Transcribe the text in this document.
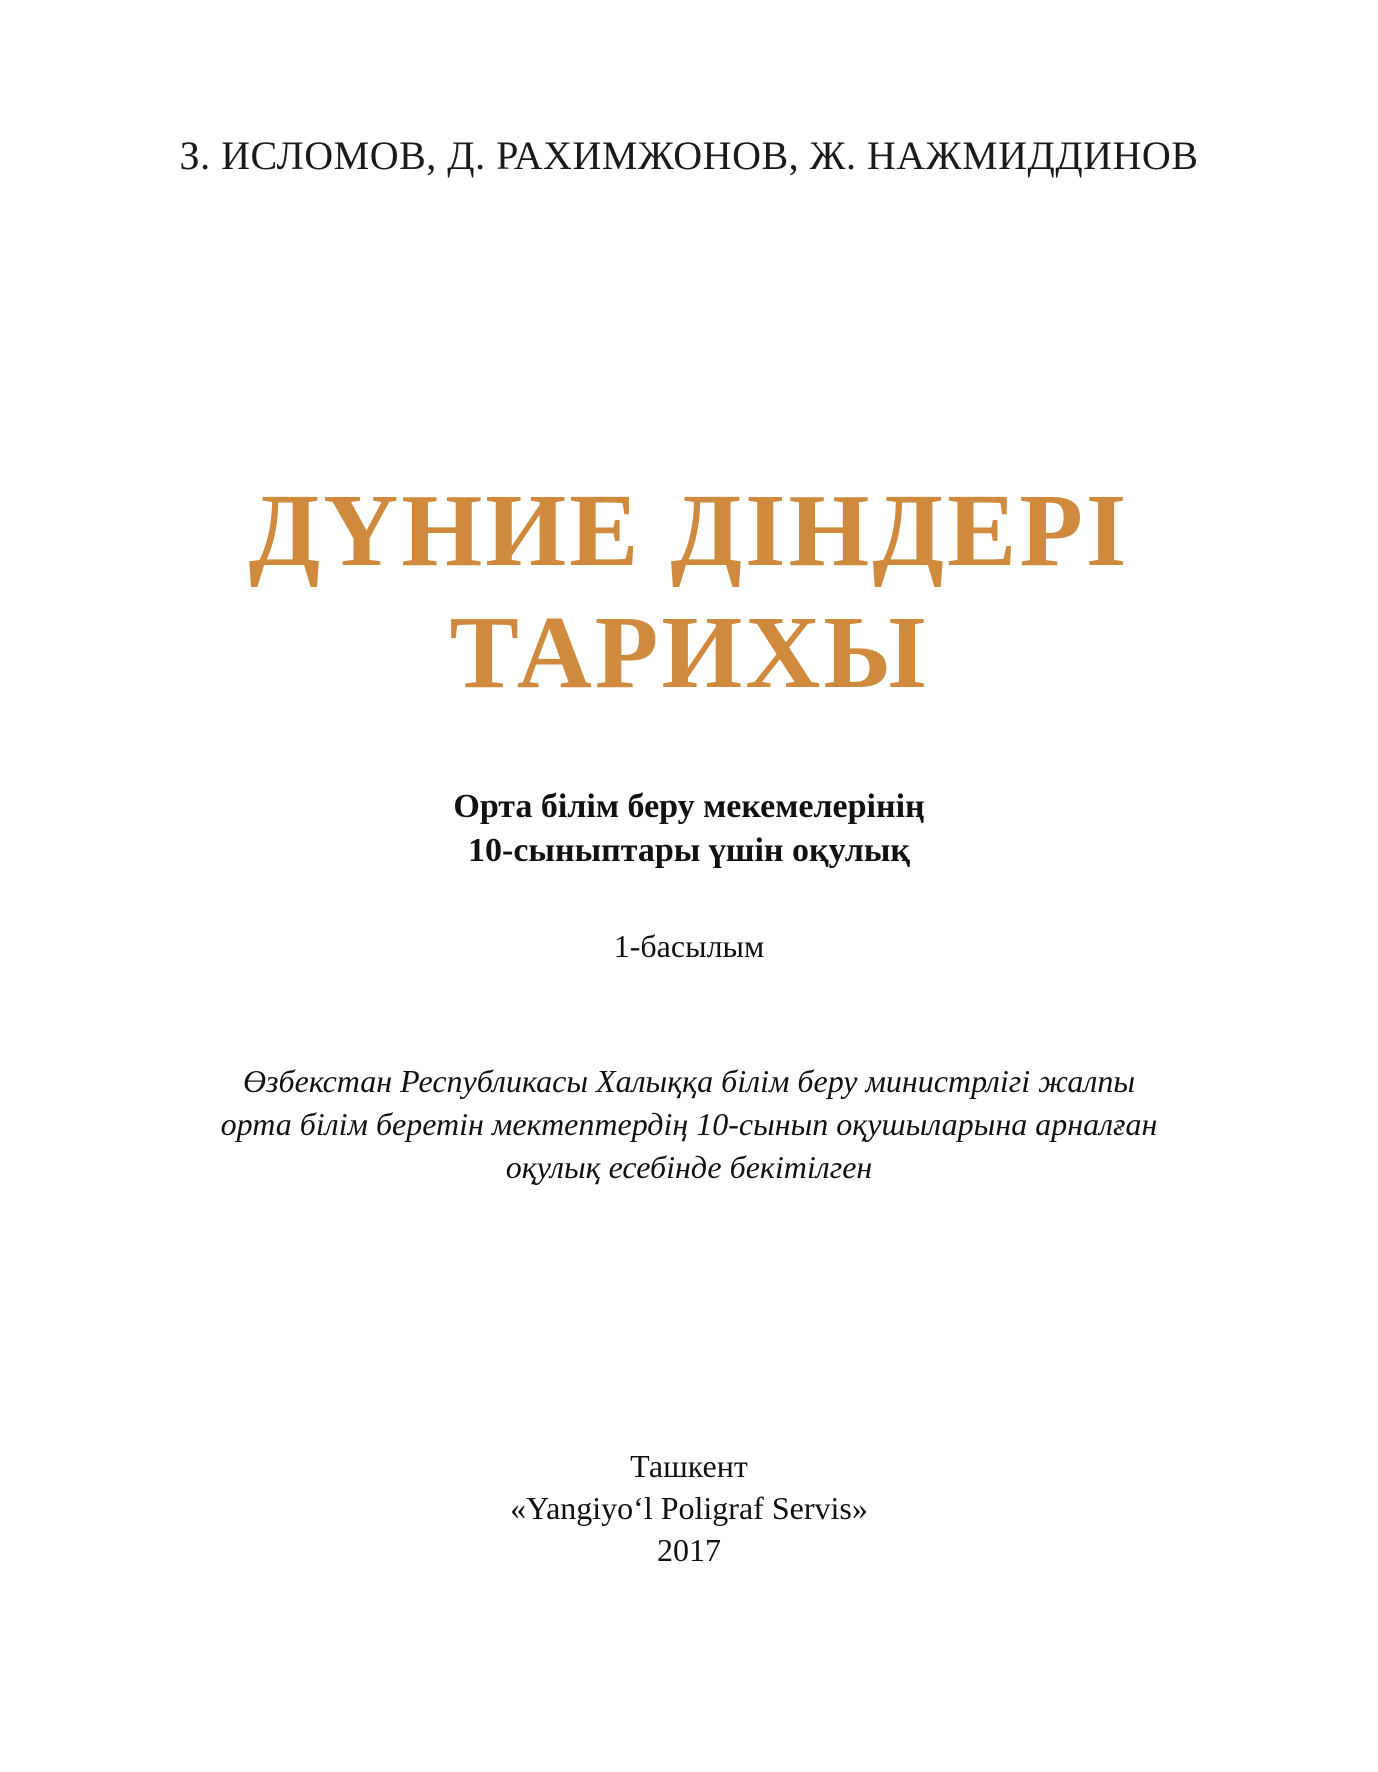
З. ИСЛОМОВ, Д. РАХИМЖОНОВ, Ж. НАЖМИДДИНОВ
ДҮНИЕ ДІНДЕРІ
ТАРИХЫ
Орта білім беру мекемелерінің
10-сыныптары үшін оқулық
1-басылым
Өзбекстан Республикасы Халыққа білім беру министрлігі жалпы
орта білім беретін мектептердің 10-сынып оқушыларына арналған
оқулық есебінде бекітілген
Ташкент
«Yangiyo‘l Poligraf Servis»
2017
